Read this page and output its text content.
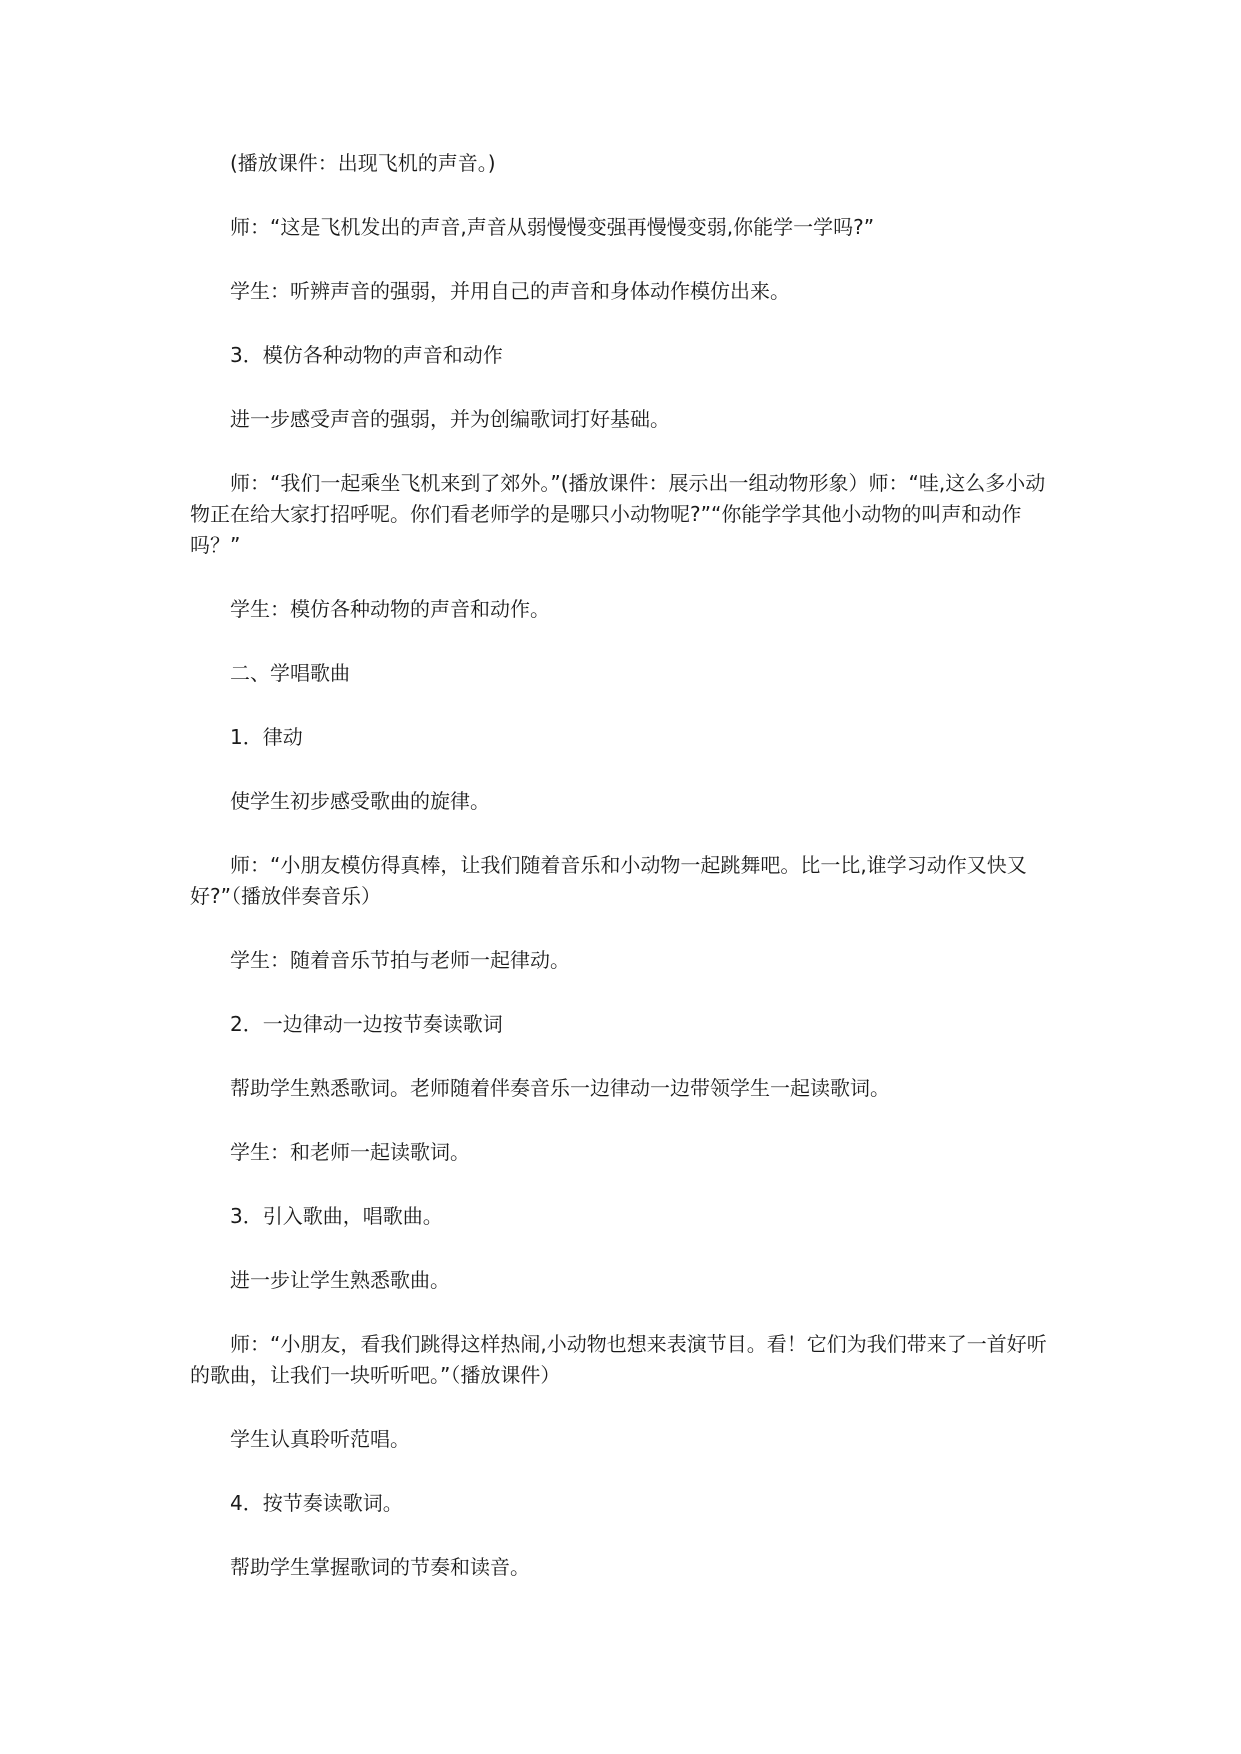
(播放课件：出现飞机的声音。)

师：“这是飞机发出的声音,声音从弱慢慢变强再慢慢变弱,你能学一学吗?”

学生：听辨声音的强弱，并用自己的声音和身体动作模仿出来。

3．模仿各种动物的声音和动作

进一步感受声音的强弱，并为创编歌词打好基础。

师：“我们一起乘坐飞机来到了郊外。”(播放课件：展示出一组动物形象）师：“哇,这么多小动物正在给大家打招呼呢。你们看老师学的是哪只小动物呢?”“你能学学其他小动物的叫声和动作吗？”

学生：模仿各种动物的声音和动作。

二、学唱歌曲

1．律动

使学生初步感受歌曲的旋律。

师：“小朋友模仿得真棒，让我们随着音乐和小动物一起跳舞吧。比一比,谁学习动作又快又好?”（播放伴奏音乐）

学生：随着音乐节拍与老师一起律动。

2．一边律动一边按节奏读歌词

帮助学生熟悉歌词。老师随着伴奏音乐一边律动一边带领学生一起读歌词。

学生：和老师一起读歌词。

3．引入歌曲，唱歌曲。

进一步让学生熟悉歌曲。

师：“小朋友，看我们跳得这样热闹,小动物也想来表演节目。看！它们为我们带来了一首好听的歌曲，让我们一块听听吧。”（播放课件）

学生认真聆听范唱。

4．按节奏读歌词。

帮助学生掌握歌词的节奏和读音。
